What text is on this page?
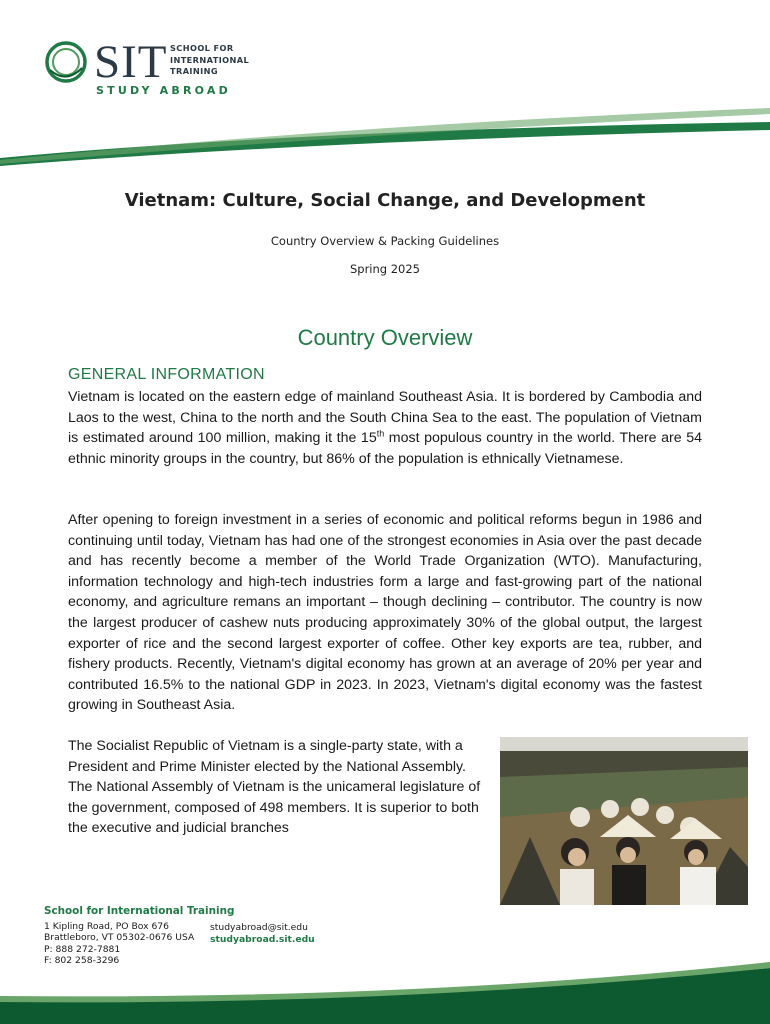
SIT SCHOOL FOR
INTERNATIONAL
TRAINING
STUDY ABROAD
Vietnam: Culture, Social Change, and Development
Country Overview & Packing Guidelines
Spring 2025
Country Overview
GENERAL INFORMATION

Vietnam is located on the eastern edge of mainland Southeast Asia. It is bordered by Cambodia and Laos to the west, China to the north and the South China Sea to the east. The population of Vietnam is estimated around 100 million, making it the 15th most populous country in the world. There are 54 ethnic minority groups in the country, but 86% of the population is ethnically Vietnamese.

After opening to foreign investment in a series of economic and political reforms begun in 1986 and continuing until today, Vietnam has had one of the strongest economies in Asia over the past decade and has recently become a member of the World Trade Organization (WTO). Manufacturing, information technology and high-tech industries form a large and fast-growing part of the national economy, and agriculture remans an important – though declining – contributor. The country is now the largest producer of cashew nuts producing approximately 30% of the global output, the largest exporter of rice and the second largest exporter of coffee. Other key exports are tea, rubber, and fishery products. Recently, Vietnam's digital economy has grown at an average of 20% per year and contributed 16.5% to the national GDP in 2023. In 2023, Vietnam's digital economy was the fastest growing in Southeast Asia.

The Socialist Republic of Vietnam is a single-party state, with a President and Prime Minister elected by the National Assembly. The National Assembly of Vietnam is the unicameral legislature of the government, composed of 498 members. It is superior to both the executive and judicial branches

School for International Training
1 Kipling Road, PO Box 676
Brattleboro, VT 05302-0676 USA
P: 888 272-7881
F: 802 258-3296
studyabroad@sit.edu
studyabroad.sit.edu
